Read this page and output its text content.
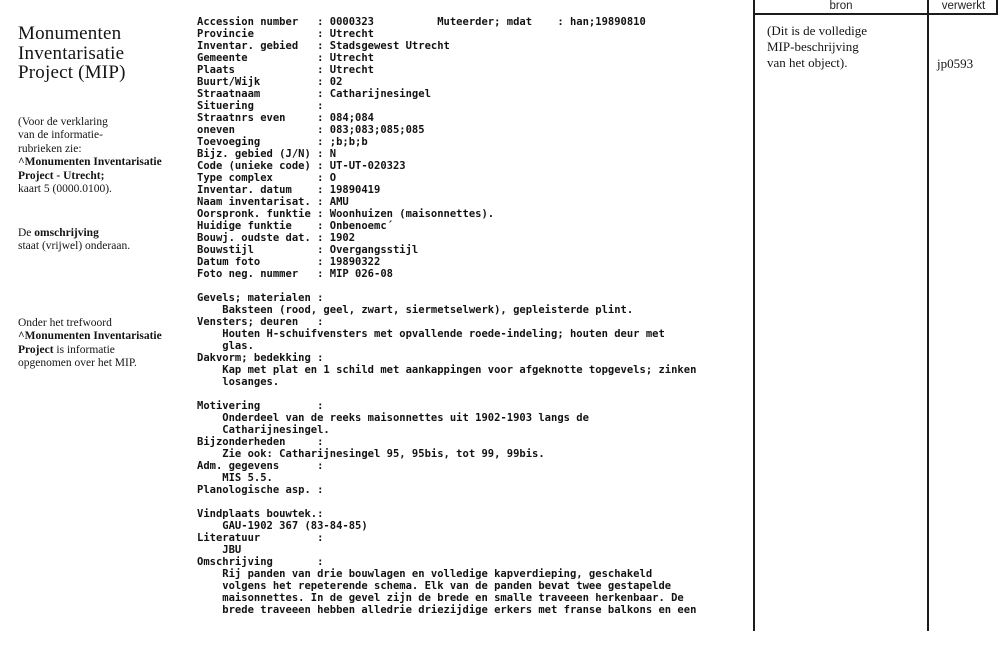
Monumenten
Inventarisatie
Project (MIP)
(Voor de verklaring
van de informatie-
rubrieken zie:
^Monumenten Inventarisatie
Project - Utrecht;
kaart 5 (0000.0100).
De omschrijving
staat (vrijwel) onderaan.
Onder het trefwoord
^Monumenten Inventarisatie
Project is informatie
opgenomen over het MIP.
Accession number   : 0000323          Muteerder; mdat    : han;19890810
Provincie          : Utrecht
Inventar. gebied   : Stadsgewest Utrecht
Gemeente           : Utrecht
Plaats             : Utrecht
Buurt/Wijk         : 02
Straatnaam         : Catharijnesingel
Situering          :
Straatnrs even     : 084;084
oneven             : 083;083;085;085
Toevoeging         : ;b;b;b
Bijz. gebied (J/N) : N
Code (unieke code) : UT-UT-020323
Type complex       : O
Inventar. datum    : 19890419
Naam inventarisat. : AMU
Oorspronk. funktie : Woonhuizen (maisonnettes).
Huidige funktie    : Onbenoemc´
Bouwj. oudste dat. : 1902
Bouwstijl          : Overgangsstijl
Datum foto         : 19890322
Foto neg. nummer   : MIP 026-08
Gevels; materialen :
Baksteen (rood, geel, zwart, siermetselwerk), gepleisterde plint.
Vensters; deuren   :
Houten H-schuifvensters met opvallende roede-indeling; houten deur met
glas.
Dakvorm; bedekking :
Kap met plat en 1 schild met aankappingen voor afgeknotte topgevels; zinken
losanges.
Motivering         :
Onderdeel van de reeks maisonnettes uit 1902-1903 langs de
Catharijnesingel.
Bijzonderheden     :
Zie ook: Catharijnesingel 95, 95bis, tot 99, 99bis.
Adm. gegevens      :
MIS 5.5.
Planologische asp. :
Vindplaats bouwtek.:
GAU-1902 367 (83-84-85)
Literatuur         :
JBU
Omschrijving       :
Rij panden van drie bouwlagen en volledige kapverdieping, geschakeld
volgens het repeterende schema. Elk van de panden bevat twee gestapelde
maisonnettes. In de gevel zijn de brede en smalle traveeen herkenbaar. De
brede traveeen hebben alledrie driezijdige erkers met franse balkons en een
bron	verwerkt
(Dit is de volledige
MIP-beschrijving
van het object).	jp0593
